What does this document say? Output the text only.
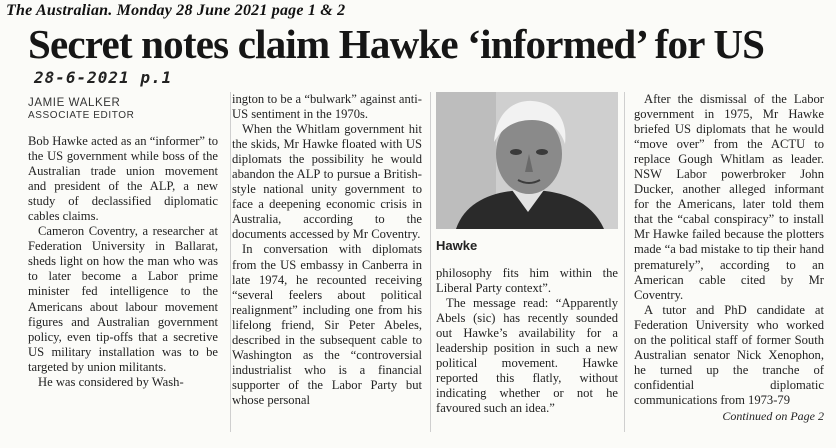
The Australian. Monday 28 June 2021 page 1 & 2
Secret notes claim Hawke ‘informed’ for US
28-6-2021 p.1
JAMIE WALKER
ASSOCIATE EDITOR

Bob Hawke acted as an “informer” to the US government while boss of the Australian trade union movement and president of the ALP, a new study of declassified diplomatic cables claims.

Cameron Coventry, a researcher at Federation University in Ballarat, sheds light on how the man who was to later become a Labor prime minister fed intelligence to the Americans about labour movement figures and Australian government policy, even tip-offs that a secretive US military installation was to be targeted by union militants.

He was considered by Wash-

ington to be a “bulwark” against anti-US sentiment in the 1970s.

When the Whitlam government hit the skids, Mr Hawke floated with US diplomats the possibility he would abandon the ALP to pursue a British-style national unity government to face a deepening economic crisis in Australia, according to the documents accessed by Mr Coventry.

In conversation with diplomats from the US embassy in Canberra in late 1974, he recounted receiving “several feelers about political realignment” including one from his lifelong friend, Sir Peter Abeles, described in the subsequent cable to Washington as the “controversial industrialist who is a financial supporter of the Labor Party but whose personal

Hawke

philosophy fits him within the Liberal Party context”.

The message read: “Apparently Abels (sic) has recently sounded out Hawke’s availability for a leadership position in such a new political movement. Hawke reported this flatly, without indicating whether or not he favoured such an idea.”

After the dismissal of the Labor government in 1975, Mr Hawke briefed US diplomats that he would “move over” from the ACTU to replace Gough Whitlam as leader. NSW Labor powerbroker John Ducker, another alleged informant for the Americans, later told them that the “cabal conspiracy” to install Mr Hawke failed because the plotters made “a bad mistake to tip their hand prematurely”, according to an American cable cited by Mr Coventry.

A tutor and PhD candidate at Federation University who worked on the political staff of former South Australian senator Nick Xenophon, he turned up the tranche of confidential diplomatic communications from 1973-79

Continued on Page 2
